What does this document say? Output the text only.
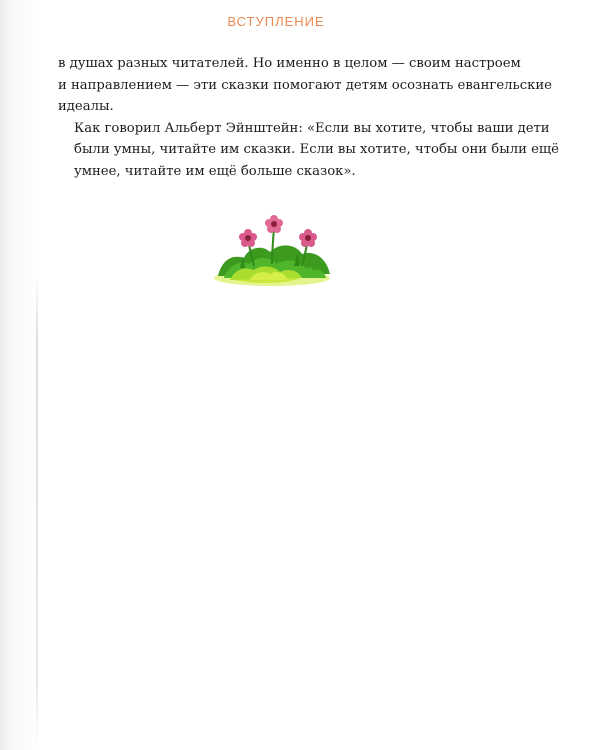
ВСТУПЛЕНИЕ

в душах разных читателей. Но именно в целом — своим настроем
и направлением — эти сказки помогают детям осознать евангельские
идеалы.

Как говорил Альберт Эйнштейн: «Если вы хотите, чтобы ваши дети
были умны, читайте им сказки. Если вы хотите, чтобы они были ещё
умнее, читайте им ещё больше сказок».
